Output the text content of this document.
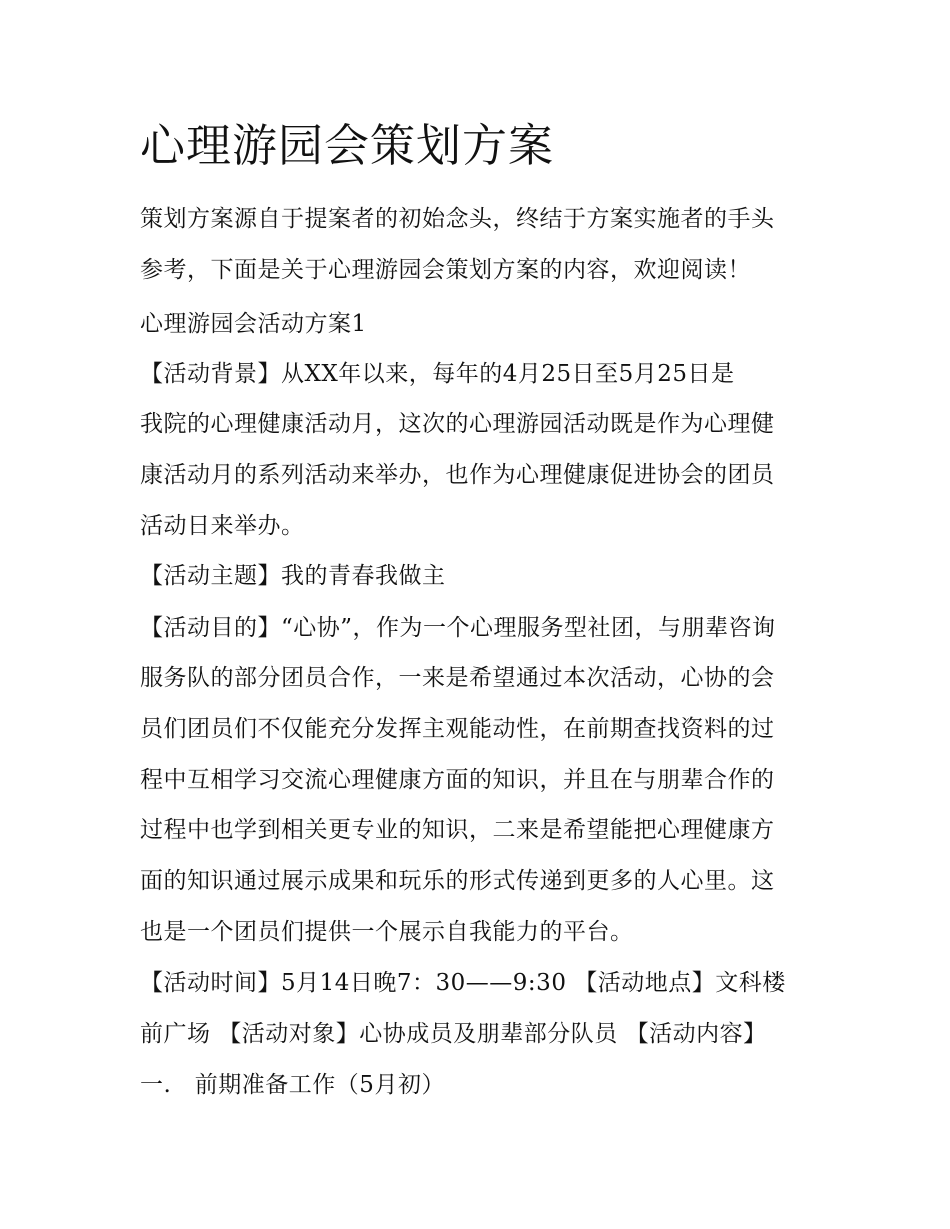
心理游园会策划方案
策划方案源自于提案者的初始念头，终结于方案实施者的手头
参考，下面是关于心理游园会策划方案的内容，欢迎阅读！
心理游园会活动方案1
【活动背景】从XX年以来，每年的4月25日至5月25日是
我院的心理健康活动月，这次的心理游园活动既是作为心理健
康活动月的系列活动来举办，也作为心理健康促进协会的团员
活动日来举办。
【活动主题】我的青春我做主
【活动目的】“心协”，作为一个心理服务型社团，与朋辈咨询
服务队的部分团员合作，一来是希望通过本次活动，心协的会
员们团员们不仅能充分发挥主观能动性，在前期查找资料的过
程中互相学习交流心理健康方面的知识，并且在与朋辈合作的
过程中也学到相关更专业的知识，二来是希望能把心理健康方
面的知识通过展示成果和玩乐的形式传递到更多的人心里。这
也是一个团员们提供一个展示自我能力的平台。
【活动时间】5月14日晚7：30——9:30 【活动地点】文科楼
前广场 【活动对象】心协成员及朋辈部分队员 【活动内容】
一.　前期准备工作（5月初）
